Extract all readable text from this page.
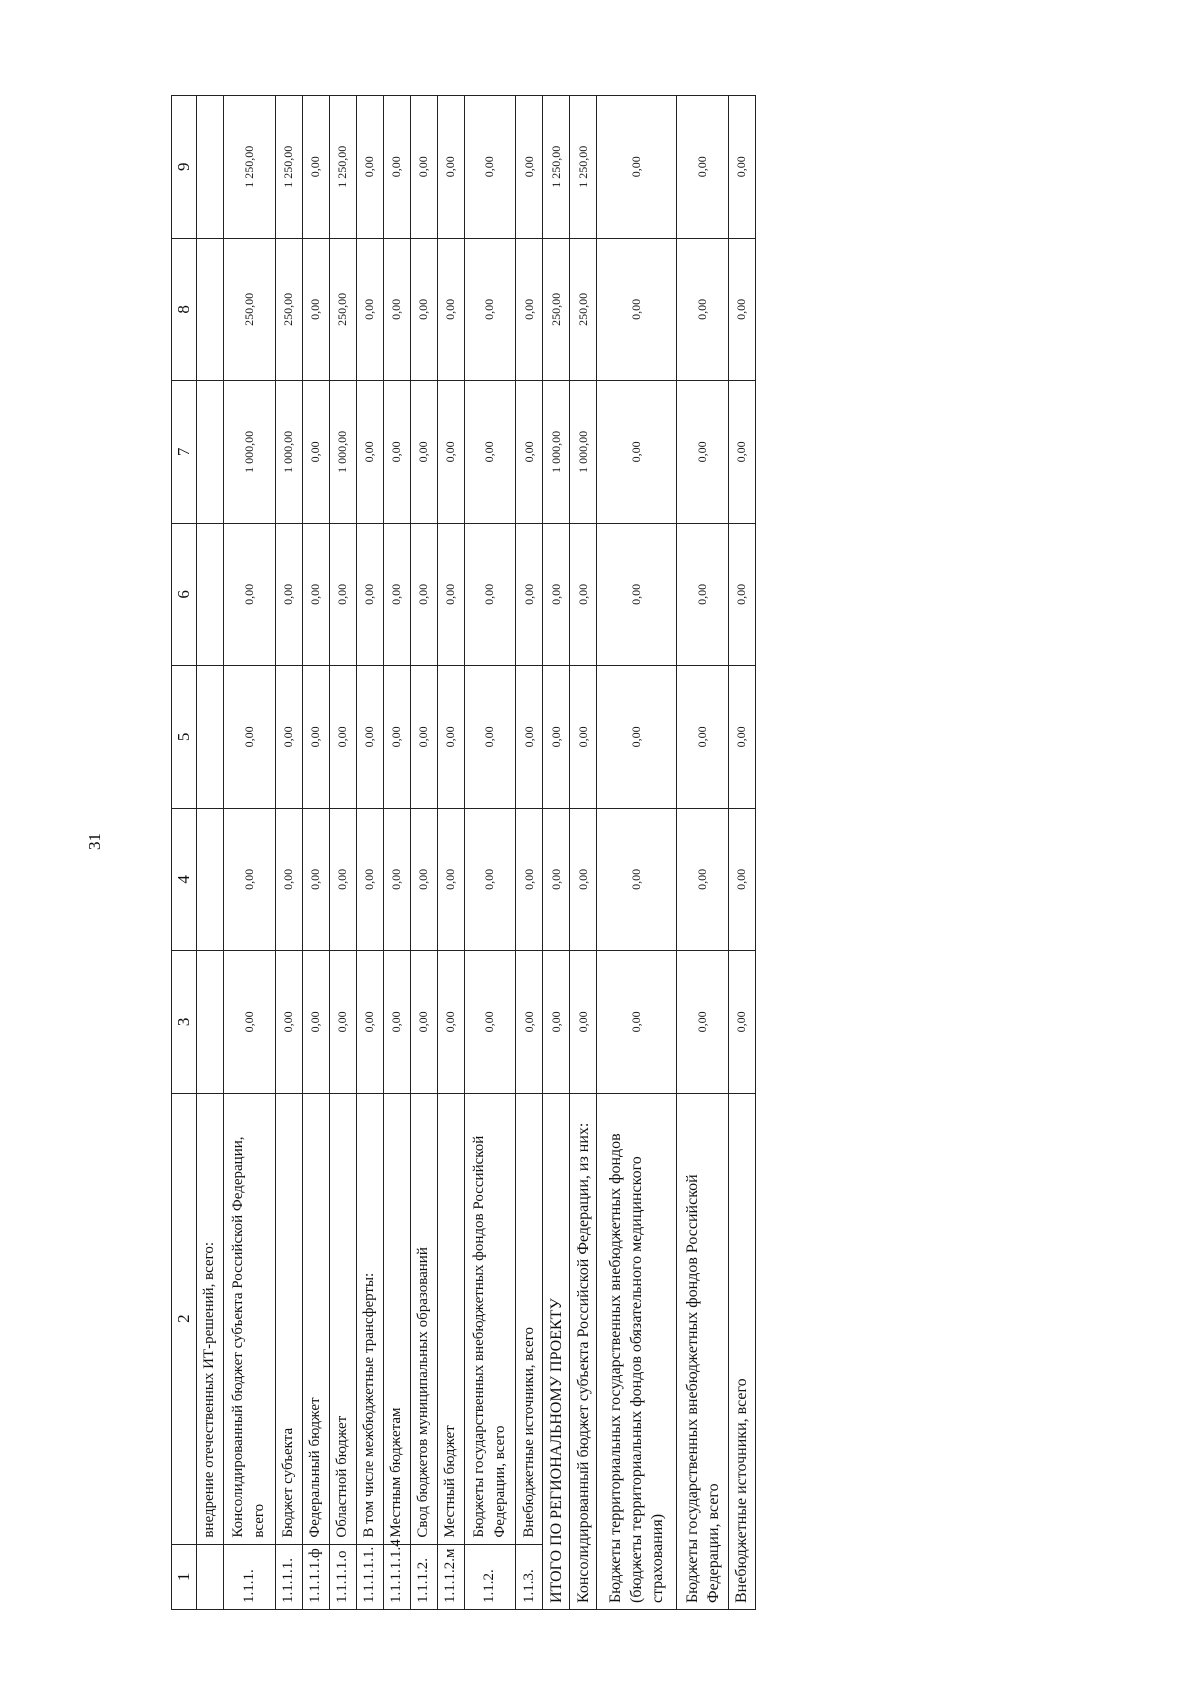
31
1	2	3	4	5	6	7	8	9
	внедрение отечественных ИТ-решений, всего:							
1.1.1.	Консолидированный бюджет субъекта Российской Федерации, всего	0,00	0,00	0,00	0,00	1 000,00	250,00	1 250,00
1.1.1.1.	Бюджет субъекта	0,00	0,00	0,00	0,00	1 000,00	250,00	1 250,00
1.1.1.1.ф	Федеральный бюджет	0,00	0,00	0,00	0,00	0,00	0,00	0,00
1.1.1.1.о	Областной бюджет	0,00	0,00	0,00	0,00	1 000,00	250,00	1 250,00
1.1.1.1.1.	В том числе межбюджетные трансферты:	0,00	0,00	0,00	0,00	0,00	0,00	0,00
1.1.1.1.1.4	Местным бюджетам	0,00	0,00	0,00	0,00	0,00	0,00	0,00
1.1.1.2.	Свод бюджетов муниципальных образований	0,00	0,00	0,00	0,00	0,00	0,00	0,00
1.1.1.2.м	Местный бюджет	0,00	0,00	0,00	0,00	0,00	0,00	0,00
1.1.2.	Бюджеты государственных внебюджетных фондов Российской Федерации, всего	0,00	0,00	0,00	0,00	0,00	0,00	0,00
1.1.3.	Внебюджетные источники, всего	0,00	0,00	0,00	0,00	0,00	0,00	0,00
ИТОГО ПО РЕГИОНАЛЬНОМУ ПРОЕКТУ		0,00	0,00	0,00	0,00	1 000,00	250,00	1 250,00
Консолидированный бюджет субъекта Российской Федерации, из них:		0,00	0,00	0,00	0,00	1 000,00	250,00	1 250,00
Бюджеты территориальных государственных внебюджетных фондов (бюджеты территориальных фондов обязательного медицинского страхования)		0,00	0,00	0,00	0,00	0,00	0,00	0,00
Бюджеты государственных внебюджетных фондов Российской Федерации, всего		0,00	0,00	0,00	0,00	0,00	0,00	0,00
Внебюджетные источники, всего		0,00	0,00	0,00	0,00	0,00	0,00	0,00
